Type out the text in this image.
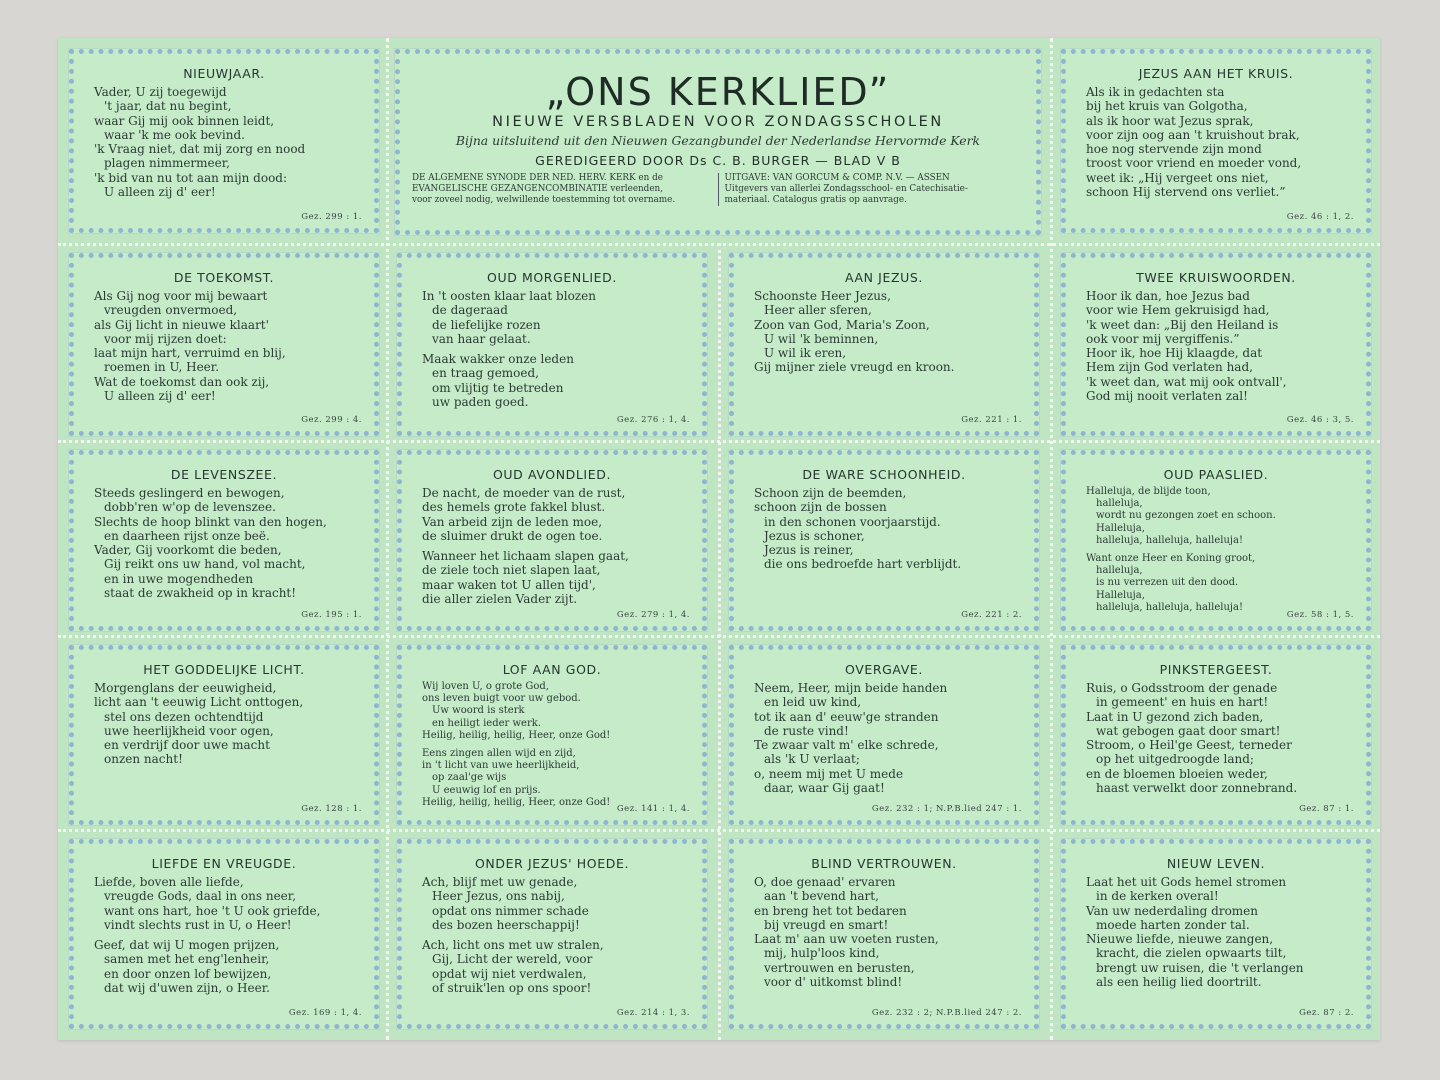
„ONS KERKLIED”
NIEUWE VERSBLADEN VOOR ZONDAGSSCHOLEN
Bijna uitsluitend uit den Nieuwen Gezangbundel der Nederlandse Hervormde Kerk
GEREDIGEERD DOOR Ds C. B. BURGER — BLAD V B
DE ALGEMENE SYNODE DER NED. HERV. KERK en de
EVANGELISCHE GEZANGENCOMBINATIE verleenden,
voor zoveel nodig, welwillende toestemming tot overname.
UITGAVE: VAN GORCUM & COMP. N.V. — ASSEN
Uitgevers van allerlei Zondagsschool- en Catechisatie-
materiaal. Catalogus gratis op aanvrage.
NIEUWJAAR.
Vader, U zij toegewijd
't jaar, dat nu begint,
waar Gij mij ook binnen leidt,
waar 'k me ook bevind.
'k Vraag niet, dat mij zorg en nood
plagen nimmermeer,
'k bid van nu tot aan mijn dood:
U alleen zij d' eer!
Gez. 299 : 1.
JEZUS AAN HET KRUIS.
Als ik in gedachten sta
bij het kruis van Golgotha,
als ik hoor wat Jezus sprak,
voor zijn oog aan 't kruishout brak,
hoe nog stervende zijn mond
troost voor vriend en moeder vond,
weet ik: „Hij vergeet ons niet,
schoon Hij stervend ons verliet.”
Gez. 46 : 1, 2.
DE TOEKOMST.
Als Gij nog voor mij bewaart
vreugden onvermoed,
als Gij licht in nieuwe klaart'
voor mij rijzen doet:
laat mijn hart, verruimd en blij,
roemen in U, Heer.
Wat de toekomst dan ook zij,
U alleen zij d' eer!
Gez. 299 : 4.
OUD MORGENLIED.
In 't oosten klaar laat blozen
de dageraad
de liefelijke rozen
van haar gelaat.
Maak wakker onze leden
en traag gemoed,
om vlijtig te betreden
uw paden goed.
Gez. 276 : 1, 4.
AAN JEZUS.
Schoonste Heer Jezus,
Heer aller sferen,
Zoon van God, Maria's Zoon,
U wil 'k beminnen,
U wil ik eren,
Gij mijner ziele vreugd en kroon.
Gez. 221 : 1.
TWEE KRUISWOORDEN.
Hoor ik dan, hoe Jezus bad
voor wie Hem gekruisigd had,
'k weet dan: „Bij den Heiland is
ook voor mij vergiffenis.”
Hoor ik, hoe Hij klaagde, dat
Hem zijn God verlaten had,
'k weet dan, wat mij ook ontvall',
God mij nooit verlaten zal!
Gez. 46 : 3, 5.
DE LEVENSZEE.
Steeds geslingerd en bewogen,
dobb'ren w'op de levenszee.
Slechts de hoop blinkt van den hogen,
en daarheen rijst onze beë.
Vader, Gij voorkomt die beden,
Gij reikt ons uw hand, vol macht,
en in uwe mogendheden
staat de zwakheid op in kracht!
Gez. 195 : 1.
OUD AVONDLIED.
De nacht, de moeder van de rust,
des hemels grote fakkel blust.
Van arbeid zijn de leden moe,
de sluimer drukt de ogen toe.
Wanneer het lichaam slapen gaat,
de ziele toch niet slapen laat,
maar waken tot U allen tijd',
die aller zielen Vader zijt.
Gez. 279 : 1, 4.
DE WARE SCHOONHEID.
Schoon zijn de beemden,
schoon zijn de bossen
in den schonen voorjaarstijd.
Jezus is schoner,
Jezus is reiner,
die ons bedroefde hart verblijdt.
Gez. 221 : 2.
OUD PAASLIED.
Halleluja, de blijde toon,
halleluja,
wordt nu gezongen zoet en schoon.
Halleluja,
halleluja, halleluja, halleluja!
Want onze Heer en Koning groot,
halleluja,
is nu verrezen uit den dood.
Halleluja,
halleluja, halleluja, halleluja!
Gez. 58 : 1, 5.
HET GODDELIJKE LICHT.
Morgenglans der eeuwigheid,
licht aan 't eeuwig Licht onttogen,
stel ons dezen ochtendtijd
uwe heerlijkheid voor ogen,
en verdrijf door uwe macht
onzen nacht!
Gez. 128 : 1.
LOF AAN GOD.
Wij loven U, o grote God,
ons leven buigt voor uw gebod.
Uw woord is sterk
en heiligt ieder werk.
Heilig, heilig, heilig, Heer, onze God!
Eens zingen allen wijd en zijd,
in 't licht van uwe heerlijkheid,
op zaal'ge wijs
U eeuwig lof en prijs.
Heilig, heilig, heilig, Heer, onze God!
Gez. 141 : 1, 4.
OVERGAVE.
Neem, Heer, mijn beide handen
en leid uw kind,
tot ik aan d' eeuw'ge stranden
de ruste vind!
Te zwaar valt m' elke schrede,
als 'k U verlaat;
o, neem mij met U mede
daar, waar Gij gaat!
Gez. 232 : 1; N.P.B.lied 247 : 1.
PINKSTERGEEST.
Ruis, o Godsstroom der genade
in gemeent' en huis en hart!
Laat in U gezond zich baden,
wat gebogen gaat door smart!
Stroom, o Heil'ge Geest, terneder
op het uitgedroogde land;
en de bloemen bloeien weder,
haast verwelkt door zonnebrand.
Gez. 87 : 1.
LIEFDE EN VREUGDE.
Liefde, boven alle liefde,
vreugde Gods, daal in ons neer,
want ons hart, hoe 't U ook griefde,
vindt slechts rust in U, o Heer!
Geef, dat wij U mogen prijzen,
samen met het eng'lenheir,
en door onzen lof bewijzen,
dat wij d'uwen zijn, o Heer.
Gez. 169 : 1, 4.
ONDER JEZUS' HOEDE.
Ach, blijf met uw genade,
Heer Jezus, ons nabij,
opdat ons nimmer schade
des bozen heerschappij!
Ach, licht ons met uw stralen,
Gij, Licht der wereld, voor
opdat wij niet verdwalen,
of struik'len op ons spoor!
Gez. 214 : 1, 3.
BLIND VERTROUWEN.
O, doe genaad' ervaren
aan 't bevend hart,
en breng het tot bedaren
bij vreugd en smart!
Laat m' aan uw voeten rusten,
mij, hulp'loos kind,
vertrouwen en berusten,
voor d' uitkomst blind!
Gez. 232 : 2; N.P.B.lied 247 : 2.
NIEUW LEVEN.
Laat het uit Gods hemel stromen
in de kerken overal!
Van uw nederdaling dromen
moede harten zonder tal.
Nieuwe liefde, nieuwe zangen,
kracht, die zielen opwaarts tilt,
brengt uw ruisen, die 't verlangen
als een heilig lied doortrilt.
Gez. 87 : 2.
